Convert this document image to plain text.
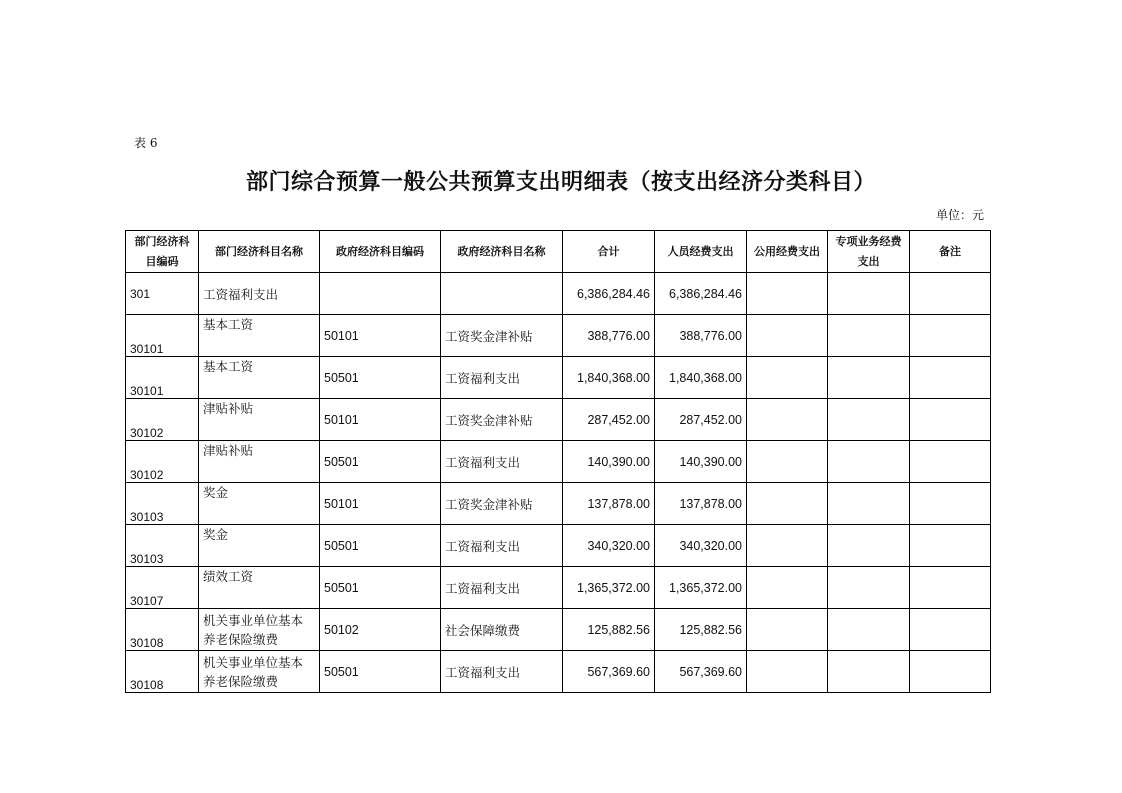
表 6
部门综合预算一般公共预算支出明细表（按支出经济分类科目）
单位：元
部门经济科目编码	部门经济科目名称	政府经济科目编码	政府经济科目名称	合计	人员经费支出	公用经费支出	专项业务经费支出	备注
301	工资福利支出			6,386,284.46	6,386,284.46			
30101	基本工资	50101	工资奖金津补贴	388,776.00	388,776.00			
30101	基本工资	50501	工资福利支出	1,840,368.00	1,840,368.00			
30102	津贴补贴	50101	工资奖金津补贴	287,452.00	287,452.00			
30102	津贴补贴	50501	工资福利支出	140,390.00	140,390.00			
30103	奖金	50101	工资奖金津补贴	137,878.00	137,878.00			
30103	奖金	50501	工资福利支出	340,320.00	340,320.00			
30107	绩效工资	50501	工资福利支出	1,365,372.00	1,365,372.00			
30108	机关事业单位基本养老保险缴费	50102	社会保障缴费	125,882.56	125,882.56			
30108	机关事业单位基本养老保险缴费	50501	工资福利支出	567,369.60	567,369.60			
